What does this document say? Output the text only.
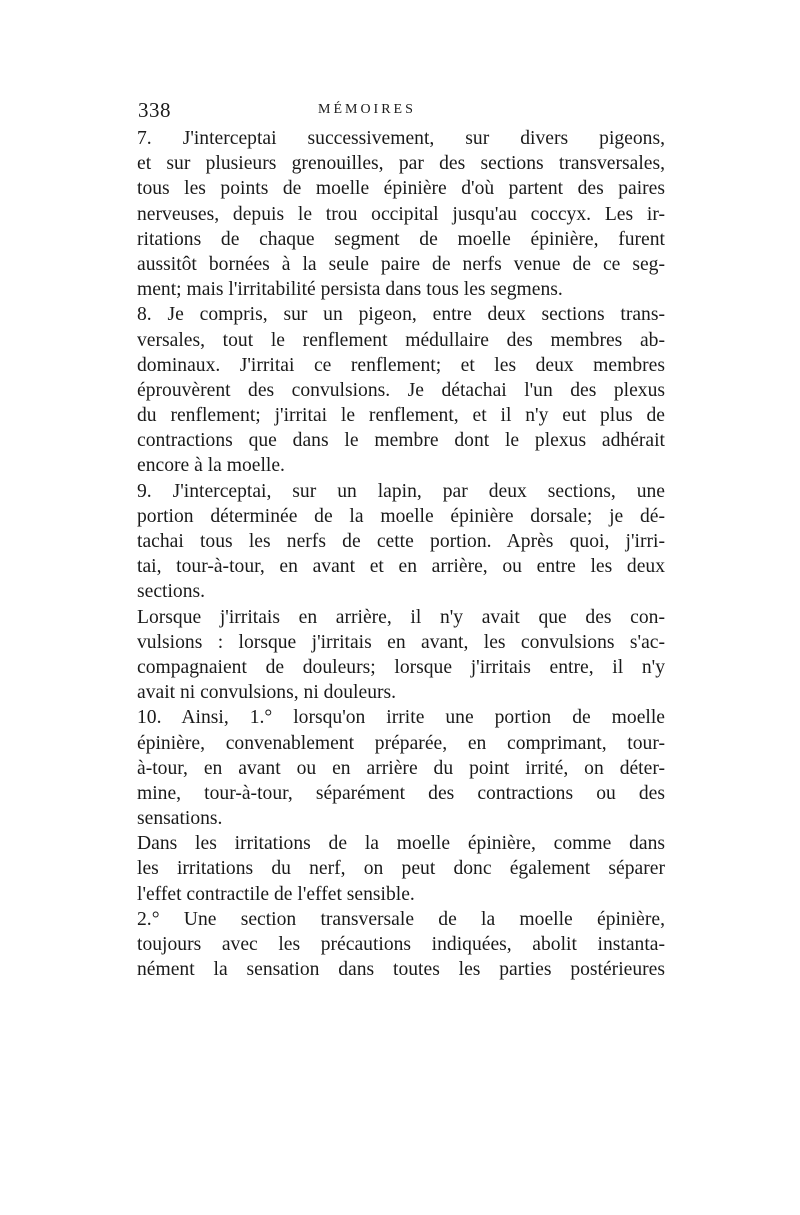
338	MÉMOIRES
7. J'interceptai successivement, sur divers pigeons,
et sur plusieurs grenouilles, par des sections transversales,
tous les points de moelle épinière d'où partent des paires
nerveuses, depuis le trou occipital jusqu'au coccyx. Les ir-
ritations de chaque segment de moelle épinière, furent
aussitôt bornées à la seule paire de nerfs venue de ce seg-
ment; mais l'irritabilité persista dans tous les segmens.
8. Je compris, sur un pigeon, entre deux sections trans-
versales, tout le renflement médullaire des membres ab-
dominaux. J'irritai ce renflement; et les deux membres
éprouvèrent des convulsions. Je détachai l'un des plexus
du renflement; j'irritai le renflement, et il n'y eut plus de
contractions que dans le membre dont le plexus adhérait
encore à la moelle.
9. J'interceptai, sur un lapin, par deux sections, une
portion déterminée de la moelle épinière dorsale; je dé-
tachai tous les nerfs de cette portion. Après quoi, j'irri-
tai, tour-à-tour, en avant et en arrière, ou entre les deux
sections.
Lorsque j'irritais en arrière, il n'y avait que des con-
vulsions : lorsque j'irritais en avant, les convulsions s'ac-
compagnaient de douleurs; lorsque j'irritais entre, il n'y
avait ni convulsions, ni douleurs.
10. Ainsi, 1.° lorsqu'on irrite une portion de moelle
épinière, convenablement préparée, en comprimant, tour-
à-tour, en avant ou en arrière du point irrité, on déter-
mine, tour-à-tour, séparément des contractions ou des
sensations.
Dans les irritations de la moelle épinière, comme dans
les irritations du nerf, on peut donc également séparer
l'effet contractile de l'effet sensible.
2.° Une section transversale de la moelle épinière,
toujours avec les précautions indiquées, abolit instanta-
nément la sensation dans toutes les parties postérieures
